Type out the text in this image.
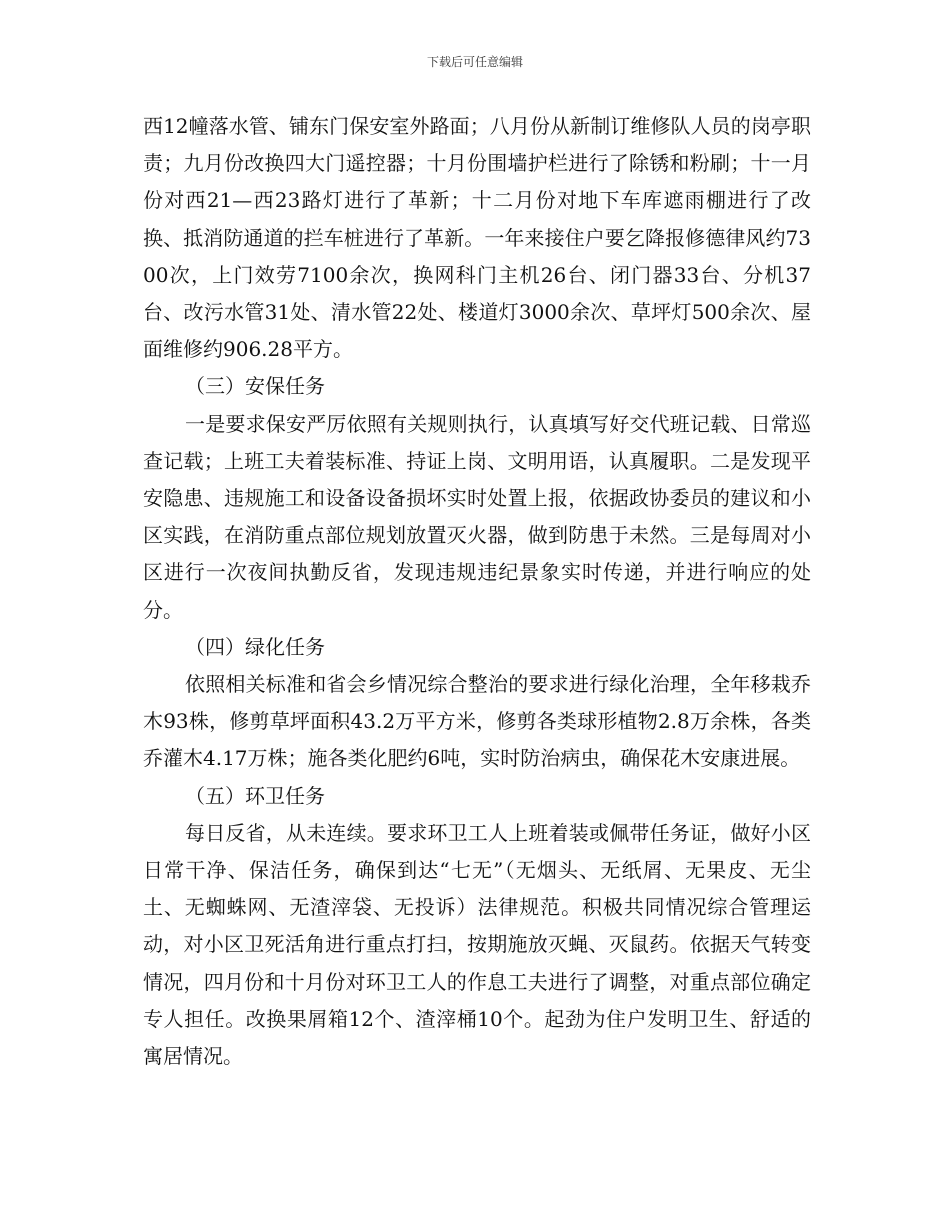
下载后可任意编辑

西12幢落水管、铺东门保安室外路面；八月份从新制订维修队人员的岗亭职责；九月份改换四大门遥控器；十月份围墙护栏进行了除锈和粉刷；十一月份对西21—西23路灯进行了革新；十二月份对地下车库遮雨棚进行了改换、抵消防通道的拦车桩进行了革新。一年来接住户要乞降报修德律风约7300次，上门效劳7100余次，换网科门主机26台、闭门器33台、分机37台、改污水管31处、清水管22处、楼道灯3000余次、草坪灯500余次、屋面维修约906.28平方。

（三）安保任务

一是要求保安严厉依照有关规则执行，认真填写好交代班记载、日常巡查记载；上班工夫着装标准、持证上岗、文明用语，认真履职。二是发现平安隐患、违规施工和设备设备损坏实时处置上报，依据政协委员的建议和小区实践，在消防重点部位规划放置灭火器，做到防患于未然。三是每周对小区进行一次夜间执勤反省，发现违规违纪景象实时传递，并进行响应的处分。

（四）绿化任务

依照相关标准和省会乡情况综合整治的要求进行绿化治理，全年移栽乔木93株，修剪草坪面积43.2万平方米，修剪各类球形植物2.8万余株，各类乔灌木4.17万株；施各类化肥约6吨，实时防治病虫，确保花木安康进展。

（五）环卫任务

每日反省，从未连续。要求环卫工人上班着装或佩带任务证，做好小区日常干净、保洁任务，确保到达“七无”（无烟头、无纸屑、无果皮、无尘土、无蜘蛛网、无渣滓袋、无投诉）法律规范。积极共同情况综合管理运动，对小区卫死活角进行重点打扫，按期施放灭蝇、灭鼠药。依据天气转变情况，四月份和十月份对环卫工人的作息工夫进行了调整，对重点部位确定专人担任。改换果屑箱12个、渣滓桶10个。起劲为住户发明卫生、舒适的寓居情况。
